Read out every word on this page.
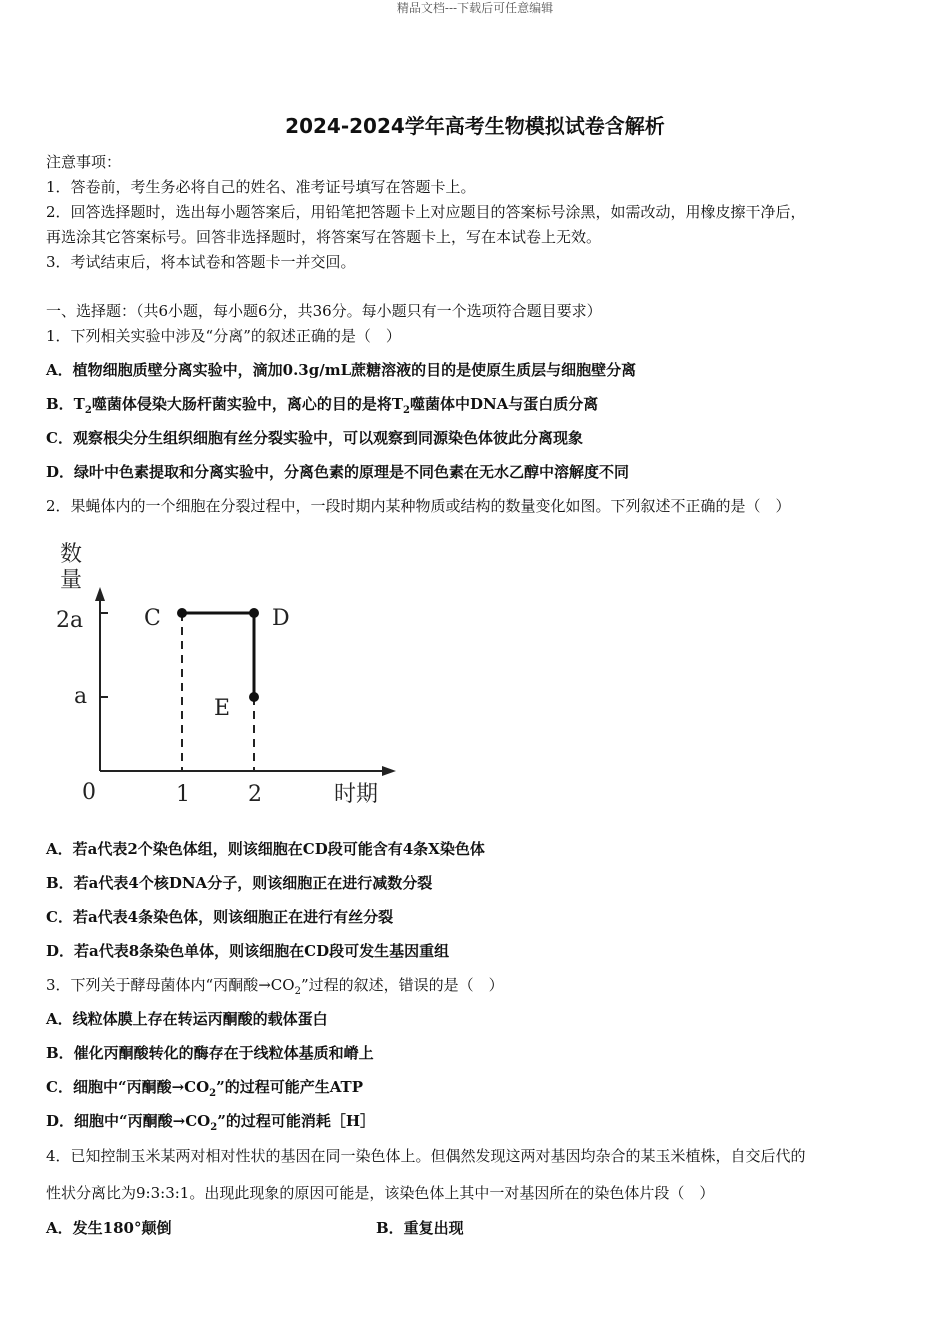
精品文档---下载后可任意编辑
2024-2024学年高考生物模拟试卷含解析
注意事项：
1．答卷前，考生务必将自己的姓名、准考证号填写在答题卡上。
2．回答选择题时，选出每小题答案后，用铅笔把答题卡上对应题目的答案标号涂黑，如需改动，用橡皮擦干净后，
再选涂其它答案标号。回答非选择题时，将答案写在答题卡上，写在本试卷上无效。
3．考试结束后，将本试卷和答题卡一并交回。
一、选择题：（共6小题，每小题6分，共36分。每小题只有一个选项符合题目要求）
1．下列相关实验中涉及“分离”的叙述正确的是（　）
A．植物细胞质壁分离实验中，滴加0.3g/mL蔗糖溶液的目的是使原生质层与细胞壁分离
B．$T_2$噬菌体侵染大肠杆菌实验中，离心的目的是将$T_2$噬菌体中DNA与蛋白质分离
C．观察根尖分生组织细胞有丝分裂实验中，可以观察到同源染色体彼此分离现象
D．绿叶中色素提取和分离实验中，分离色素的原理是不同色素在无水乙醇中溶解度不同
2．果蝇体内的一个细胞在分裂过程中，一段时期内某种物质或结构的数量变化如图。下列叙述不正确的是（　）
数
量
2a
a
0	1	2	时期
C	D
E
A．若a代表2个染色体组，则该细胞在CD段可能含有4条X染色体
B．若a代表4个核DNA分子，则该细胞正在进行减数分裂
C．若a代表4条染色体，则该细胞正在进行有丝分裂
D．若a代表8条染色单体，则该细胞在CD段可发生基因重组
3．下列关于酵母菌体内“丙酮酸$\to CO_2$”过程的叙述，错误的是（　）
A．线粒体膜上存在转运丙酮酸的载体蛋白
B．催化丙酮酸转化的酶存在于线粒体基质和嵴上
C．细胞中“丙酮酸$\to CO_2$”的过程可能产生ATP
D．细胞中“丙酮酸$\to CO_2$”的过程可能消耗［H］
4．已知控制玉米某两对相对性状的基因在同一染色体上。但偶然发现这两对基因均杂合的某玉米植株，自交后代的
性状分离比为9:3:3:1。出现此现象的原因可能是，该染色体上其中一对基因所在的染色体片段（　）
A．发生180°颠倒	B．重复出现
